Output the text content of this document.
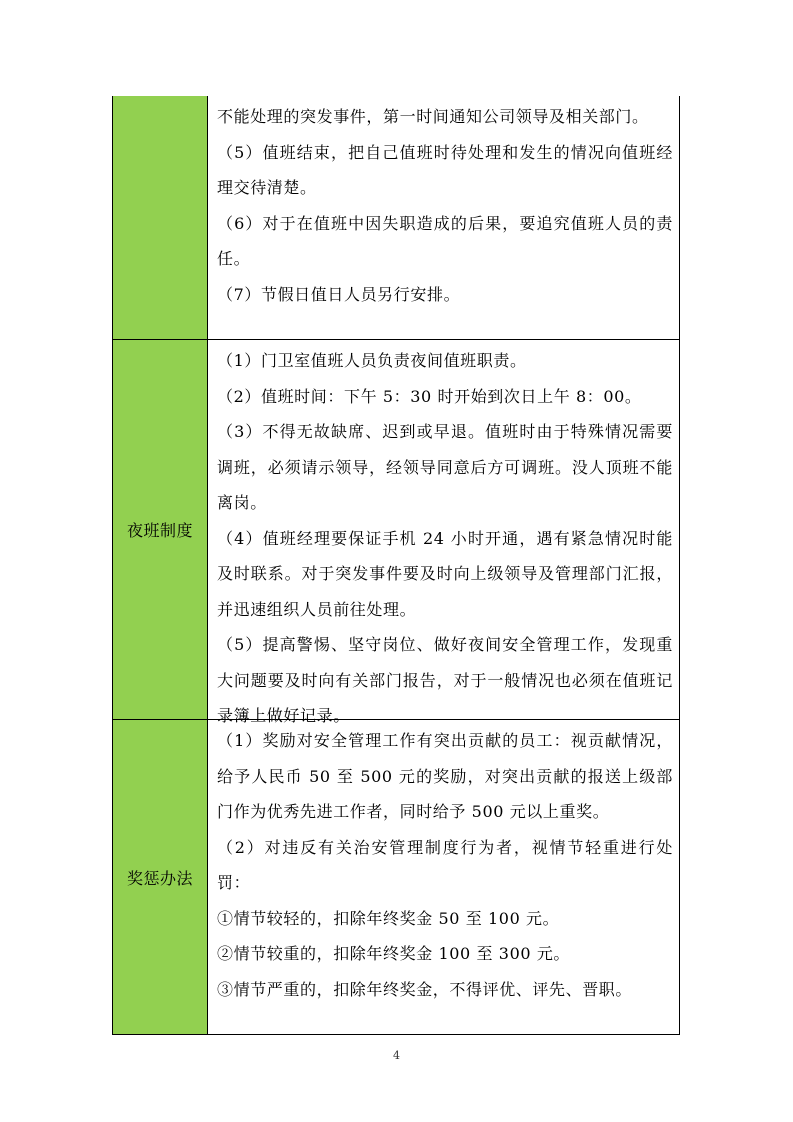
不能处理的突发事件，第一时间通知公司领导及相关部门。

（5）值班结束，把自己值班时待处理和发生的情况向值班经理交待清楚。

（6）对于在值班中因失职造成的后果，要追究值班人员的责任。

（7）节假日值日人员另行安排。

夜班制度

（1）门卫室值班人员负责夜间值班职责。

（2）值班时间：下午 5：30 时开始到次日上午 8：00。

（3）不得无故缺席、迟到或早退。值班时由于特殊情况需要调班，必须请示领导，经领导同意后方可调班。没人顶班不能离岗。

（4）值班经理要保证手机 24 小时开通，遇有紧急情况时能及时联系。对于突发事件要及时向上级领导及管理部门汇报，并迅速组织人员前往处理。

（5）提高警惕、坚守岗位、做好夜间安全管理工作，发现重大问题要及时向有关部门报告，对于一般情况也必须在值班记录簿上做好记录。

奖惩办法

（1）奖励对安全管理工作有突出贡献的员工：视贡献情况，给予人民币 50 至 500 元的奖励，对突出贡献的报送上级部门作为优秀先进工作者，同时给予 500 元以上重奖。

（2）对违反有关治安管理制度行为者，视情节轻重进行处罚：

①情节较轻的，扣除年终奖金 50 至 100 元。

②情节较重的，扣除年终奖金 100 至 300 元。

③情节严重的，扣除年终奖金，不得评优、评先、晋职。

4
